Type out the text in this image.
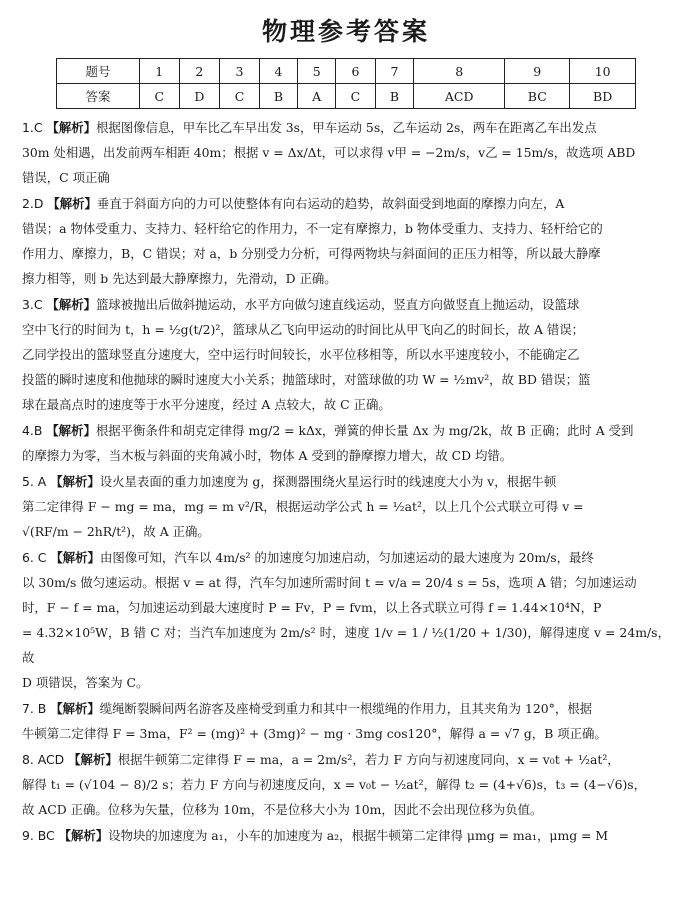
物理参考答案
题号	1	2	3	4	5	6	7	8	9	10
答案	C	D	C	B	A	C	B	ACD	BC	BD

1.C 【解析】根据图像信息，甲车比乙车早出发 3s，甲车运动 5s，乙车运动 2s，两车在距离乙车出发点

30m 处相遇，出发前两车相距 40m；根据 v = Δx/Δt，可以求得 v甲 = −2m/s，v乙 = 15m/s，故选项 ABD

错误，C 项正确

2.D 【解析】垂直于斜面方向的力可以使整体有向右运动的趋势，故斜面受到地面的摩擦力向左，A

错误；a 物体受重力、支持力、轻杆给它的作用力，不一定有摩擦力，b 物体受重力、支持力、轻杆给它的

作用力、摩擦力，B，C 错误；对 a，b 分别受力分析，可得两物块与斜面间的正压力相等，所以最大静摩

擦力相等，则 b 先达到最大静摩擦力，先滑动，D 正确。

3.C 【解析】篮球被抛出后做斜抛运动，水平方向做匀速直线运动，竖直方向做竖直上抛运动，设篮球

空中飞行的时间为 t，h = ½g(t/2)²，篮球从乙飞向甲运动的时间比从甲飞向乙的时间长，故 A 错误；

乙同学投出的篮球竖直分速度大，空中运行时间较长，水平位移相等，所以水平速度较小，不能确定乙

投篮的瞬时速度和他抛球的瞬时速度大小关系；抛篮球时，对篮球做的功 W = ½mv²，故 BD 错误；篮

球在最高点时的速度等于水平分速度，经过 A 点较大，故 C 正确。

4.B 【解析】根据平衡条件和胡克定律得 mg/2 = kΔx，弹簧的伸长量 Δx 为 mg/2k，故 B 正确；此时 A 受到

的摩擦力为零，当木板与斜面的夹角减小时，物体 A 受到的静摩擦力增大，故 CD 均错。

5. A 【解析】设火星表面的重力加速度为 g，探测器围绕火星运行时的线速度大小为 v，根据牛顿

第二定律得 F − mg = ma，mg = m v²/R，根据运动学公式 h = ½at²，以上几个公式联立可得 v =

√(RF/m − 2hR/t²)，故 A 正确。

6. C 【解析】由图像可知，汽车以 4m/s² 的加速度匀加速启动，匀加速运动的最大速度为 20m/s，最终

以 30m/s 做匀速运动。根据 v = at 得，汽车匀加速所需时间 t = v/a = 20/4 s = 5s，选项 A 错；匀加速运动

时，F − f = ma，匀加速运动到最大速度时 P = Fv，P = fvm，以上各式联立可得 f = 1.44×10⁴N，P

= 4.32×10⁵W，B 错 C 对；当汽车加速度为 2m/s² 时，速度 1/v = 1 / ½(1/20 + 1/30)，解得速度 v = 24m/s，故

D 项错误，答案为 C。

7. B 【解析】缆绳断裂瞬间两名游客及座椅受到重力和其中一根缆绳的作用力，且其夹角为 120°，根据

牛顿第二定律得 F = 3ma，F² = (mg)² + (3mg)² − mg · 3mg cos120°，解得 a = √7 g，B 项正确。

8. ACD 【解析】根据牛顿第二定律得 F = ma，a = 2m/s²，若力 F 方向与初速度同向，x = v₀t + ½at²，

解得 t₁ = (√104 − 8)/2 s；若力 F 方向与初速度反向，x = v₀t − ½at²，解得 t₂ = (4+√6)s，t₃ = (4−√6)s，

故 ACD 正确。位移为矢量，位移为 10m，不是位移大小为 10m，因此不会出现位移为负值。

9. BC 【解析】设物块的加速度为 a₁，小车的加速度为 a₂，根据牛顿第二定律得 μmg = ma₁，μmg = M
